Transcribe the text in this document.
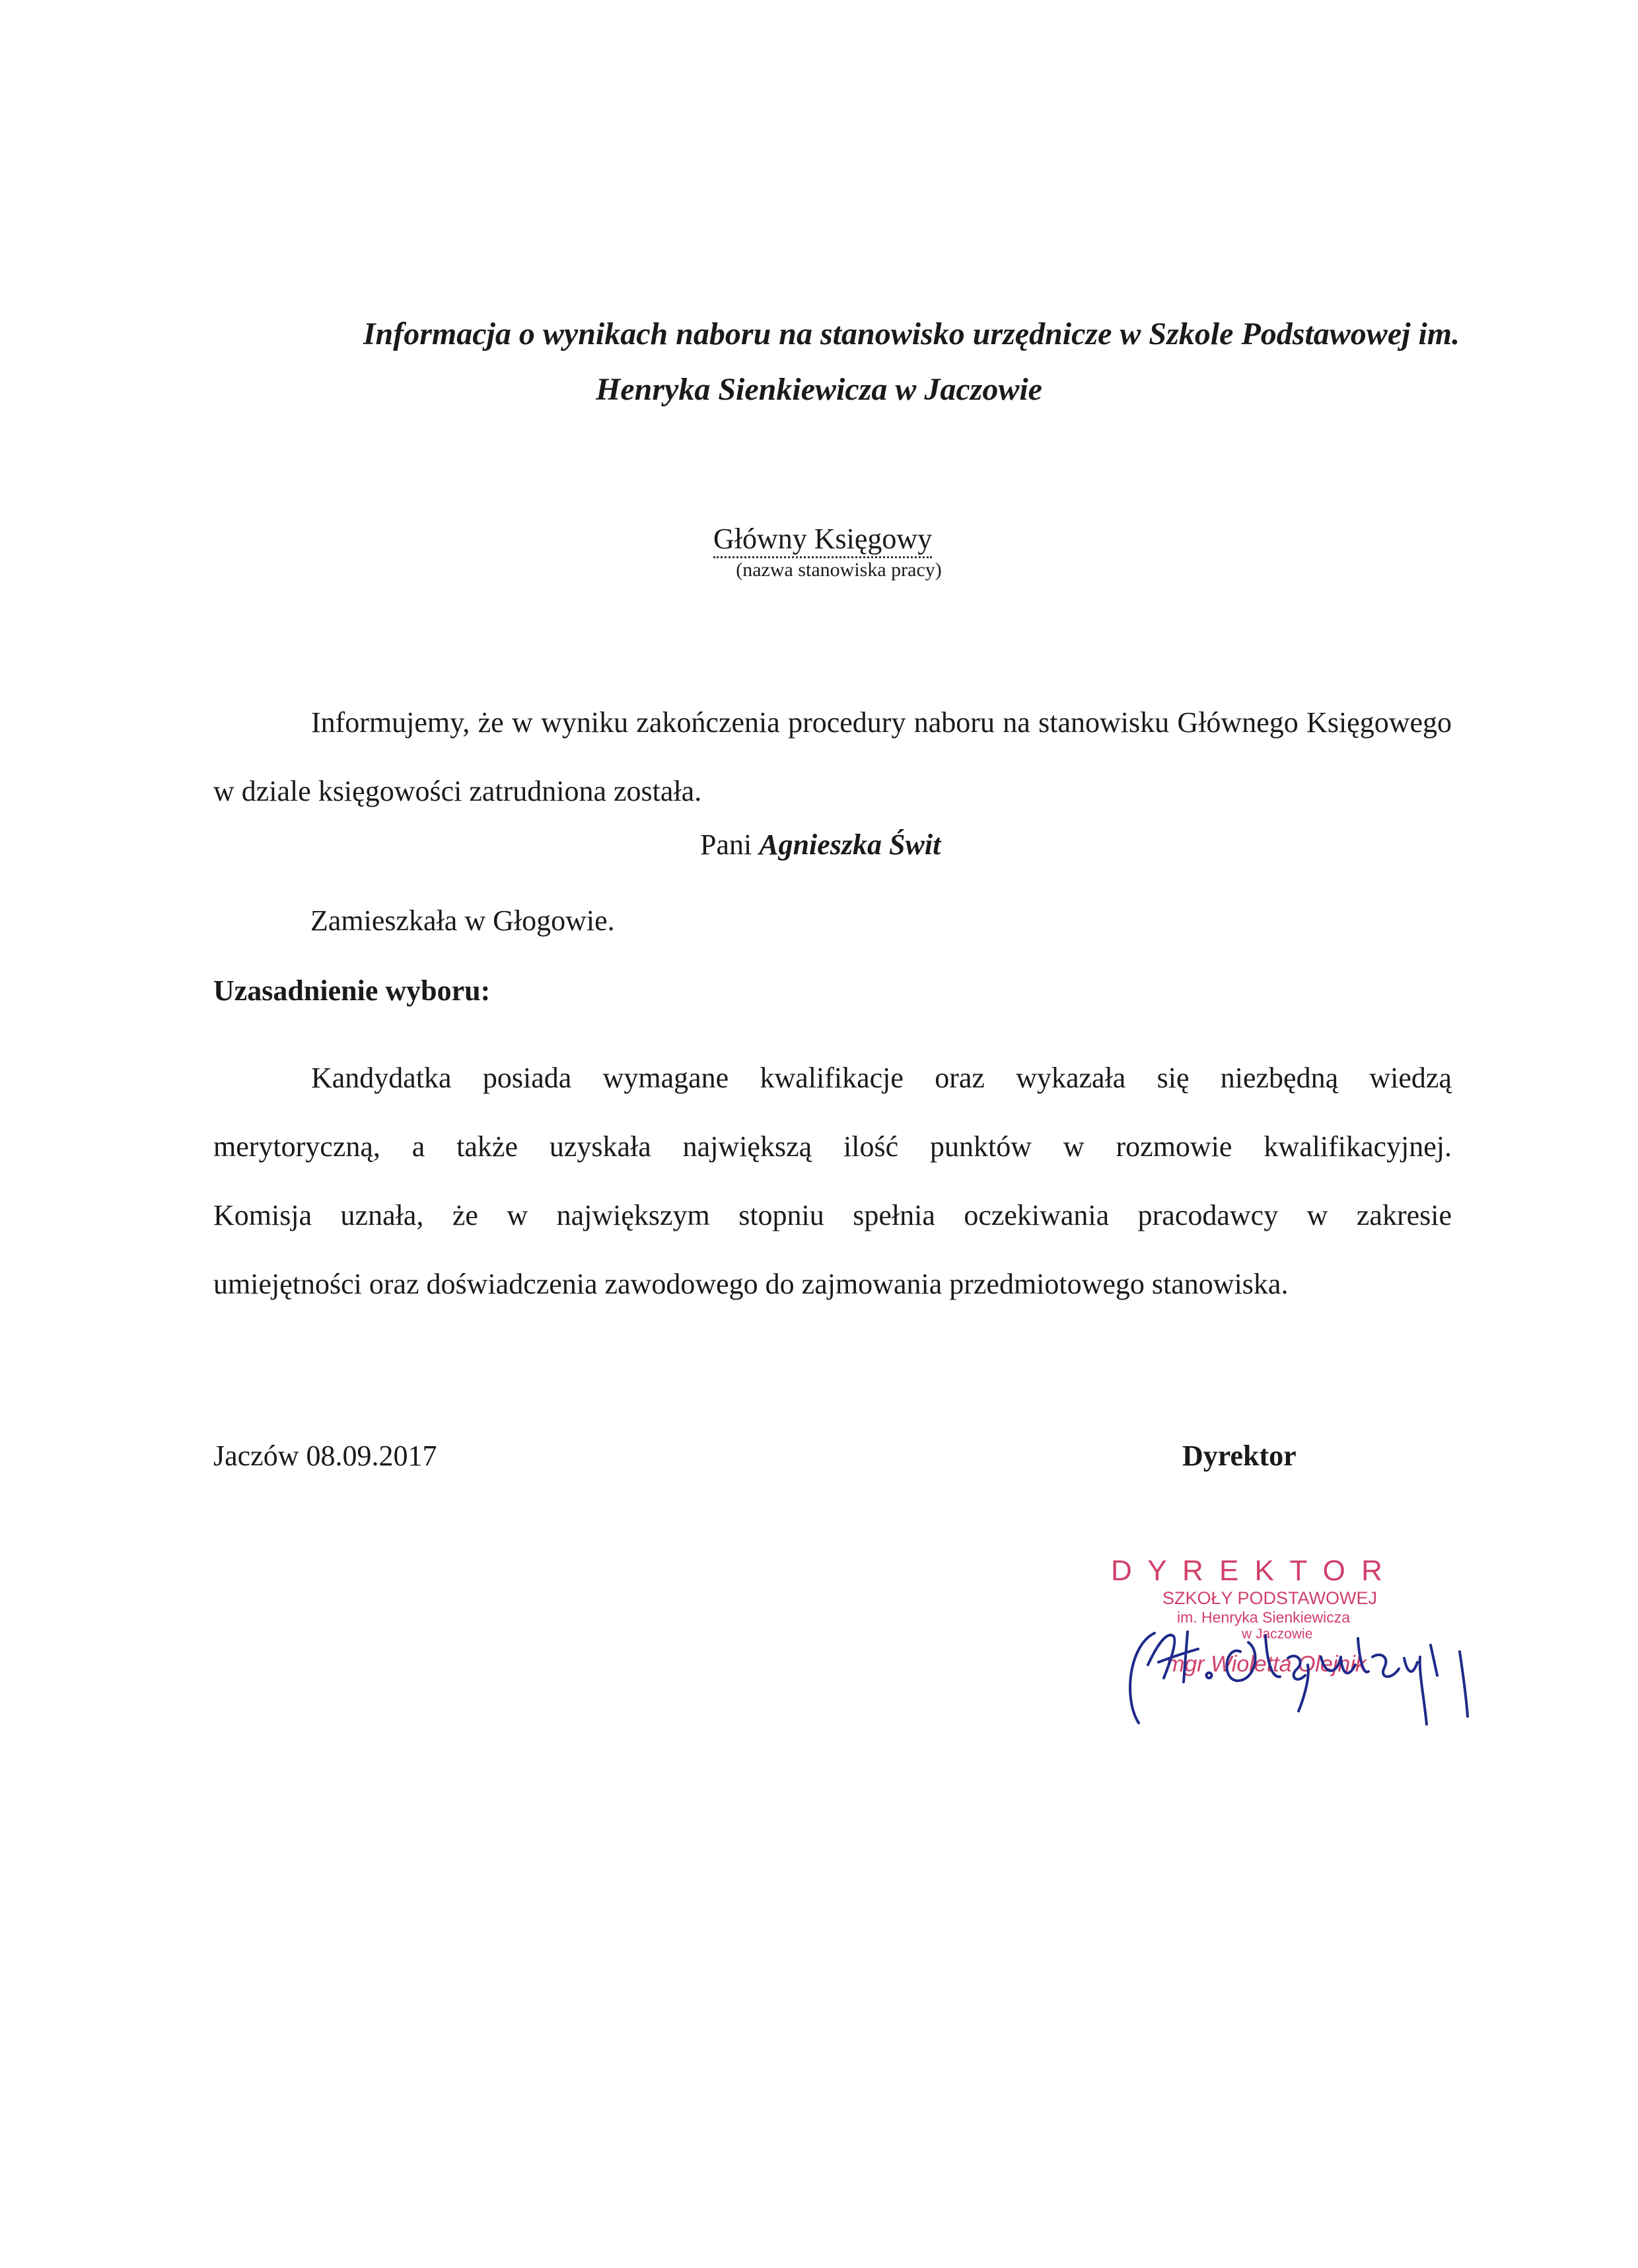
Informacja o wynikach naboru na stanowisko urzędnicze w Szkole Podstawowej im.
Henryka Sienkiewicza w Jaczowie
Główny Księgowy
(nazwa stanowiska pracy)
Informujemy, że w wyniku zakończenia procedury naboru na stanowisku Głównego Księgowego w dziale księgowości zatrudniona została.
Pani Agnieszka Świt
Zamieszkała w Głogowie.
Uzasadnienie wyboru:
Kandydatka posiada wymagane kwalifikacje oraz wykazała się niezbędną wiedzą
merytoryczną, a także uzyskała największą ilość punktów w rozmowie kwalifikacyjnej.
Komisja uznała, że w największym stopniu spełnia oczekiwania pracodawcy w zakresie
umiejętności oraz doświadczenia zawodowego do zajmowania przedmiotowego stanowiska.
Jaczów 08.09.2017	Dyrektor
D Y R E K T O R
SZKOŁY PODSTAWOWEJ
im. Henryka Sienkiewicza
w Jaczowie
mgr Wioletta Olejnik
